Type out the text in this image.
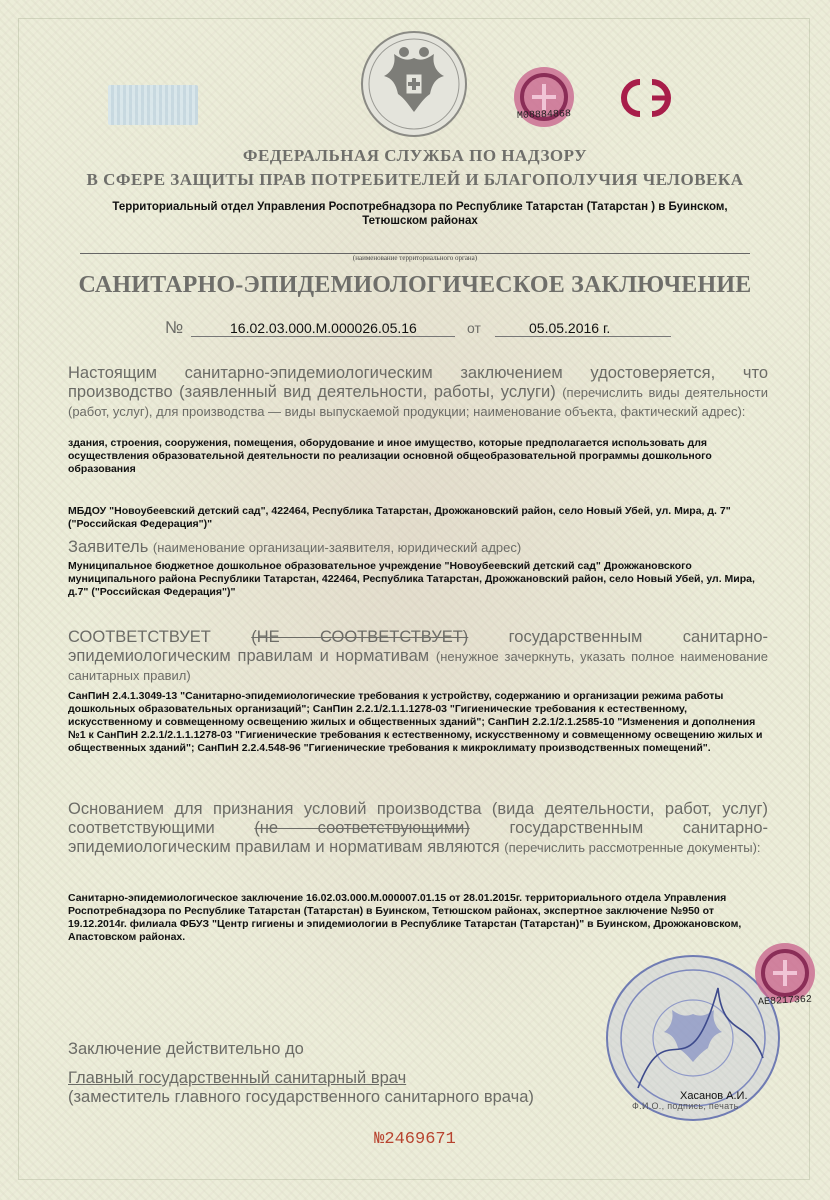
M08884868
ФЕДЕРАЛЬНАЯ СЛУЖБА ПО НАДЗОРУ
В СФЕРЕ ЗАЩИТЫ ПРАВ ПОТРЕБИТЕЛЕЙ И БЛАГОПОЛУЧИЯ ЧЕЛОВЕКА
Территориальный отдел Управления Роспотребнадзора по Республике Татарстан (Татарстан ) в Буинском, Тетюшском районах
(наименование территориального органа)
САНИТАРНО-ЭПИДЕМИОЛОГИЧЕСКОЕ ЗАКЛЮЧЕНИЕ
№	16.02.03.000.М.000026.05.16	от	05.05.2016 г.
Настоящим санитарно-эпидемиологическим заключением удостоверяется, что производство (заявленный вид деятельности, работы, услуги) (перечислить виды деятельности (работ, услуг), для производства — виды выпускаемой продукции; наименование объекта, фактический адрес):
здания, строения, сооружения, помещения, оборудование и иное имущество, которые предполагается использовать для осуществления образовательной деятельности по реализации основной общеобразовательной программы дошкольного образования
МБДОУ "Новоубеевский детский сад", 422464, Республика Татарстан, Дрожжановский район, село Новый Убей, ул. Мира, д. 7" ("Российская Федерация")"
Заявитель (наименование организации-заявителя, юридический адрес)
Муниципальное бюджетное дошкольное образовательное учреждение "Новоубеевский детский сад" Дрожжановского муниципального района Республики Татарстан, 422464, Республика Татарстан, Дрожжановский район, село Новый Убей, ул. Мира, д.7" ("Российская Федерация")"
СООТВЕТСТВУЕТ (НЕ СООТВЕТСТВУЕТ) государственным санитарно-эпидемиологическим правилам и нормативам (ненужное зачеркнуть, указать полное наименование санитарных правил)
СанПиН 2.4.1.3049-13 "Санитарно-эпидемиологические требования к устройству, содержанию и организации режима работы дошкольных образовательных организаций"; СанПин 2.2.1/2.1.1.1278-03 "Гигиенические требования к естественному, искусственному и совмещенному освещению жилых и общественных зданий"; СанПиН 2.2.1/2.1.2585-10 "Изменения и дополнения №1 к СанПиН 2.2.1/2.1.1.1278-03 "Гигиенические требования к естественному, искусственному и совмещенному освещению жилых и общественных зданий"; СанПиН 2.2.4.548-96 "Гигиенические требования к микроклимату производственных помещений".
Основанием для признания условий производства (вида деятельности, работ, услуг) соответствующими (не соответствующими) государственным санитарно-эпидемиологическим правилам и нормативам являются (перечислить рассмотренные документы):
Санитарно-эпидемиологическое заключение 16.02.03.000.М.000007.01.15 от 28.01.2015г. территориального отдела Управления Роспотребнадзора по Республике Татарстан (Татарстан) в Буинском, Тетюшском районах, экспертное заключение №950 от 19.12.2014г. филиала ФБУЗ "Центр гигиены и эпидемиологии в Республике Татарстан (Татарстан)" в Буинском, Дрожжановском, Апастовском районах.
AE8217362
Заключение действительно до
Главный государственный санитарный врач
(заместитель главного государственного санитарного врача)	Хасанов А.И.
Ф.И.О., подпись, печать
№2469671
